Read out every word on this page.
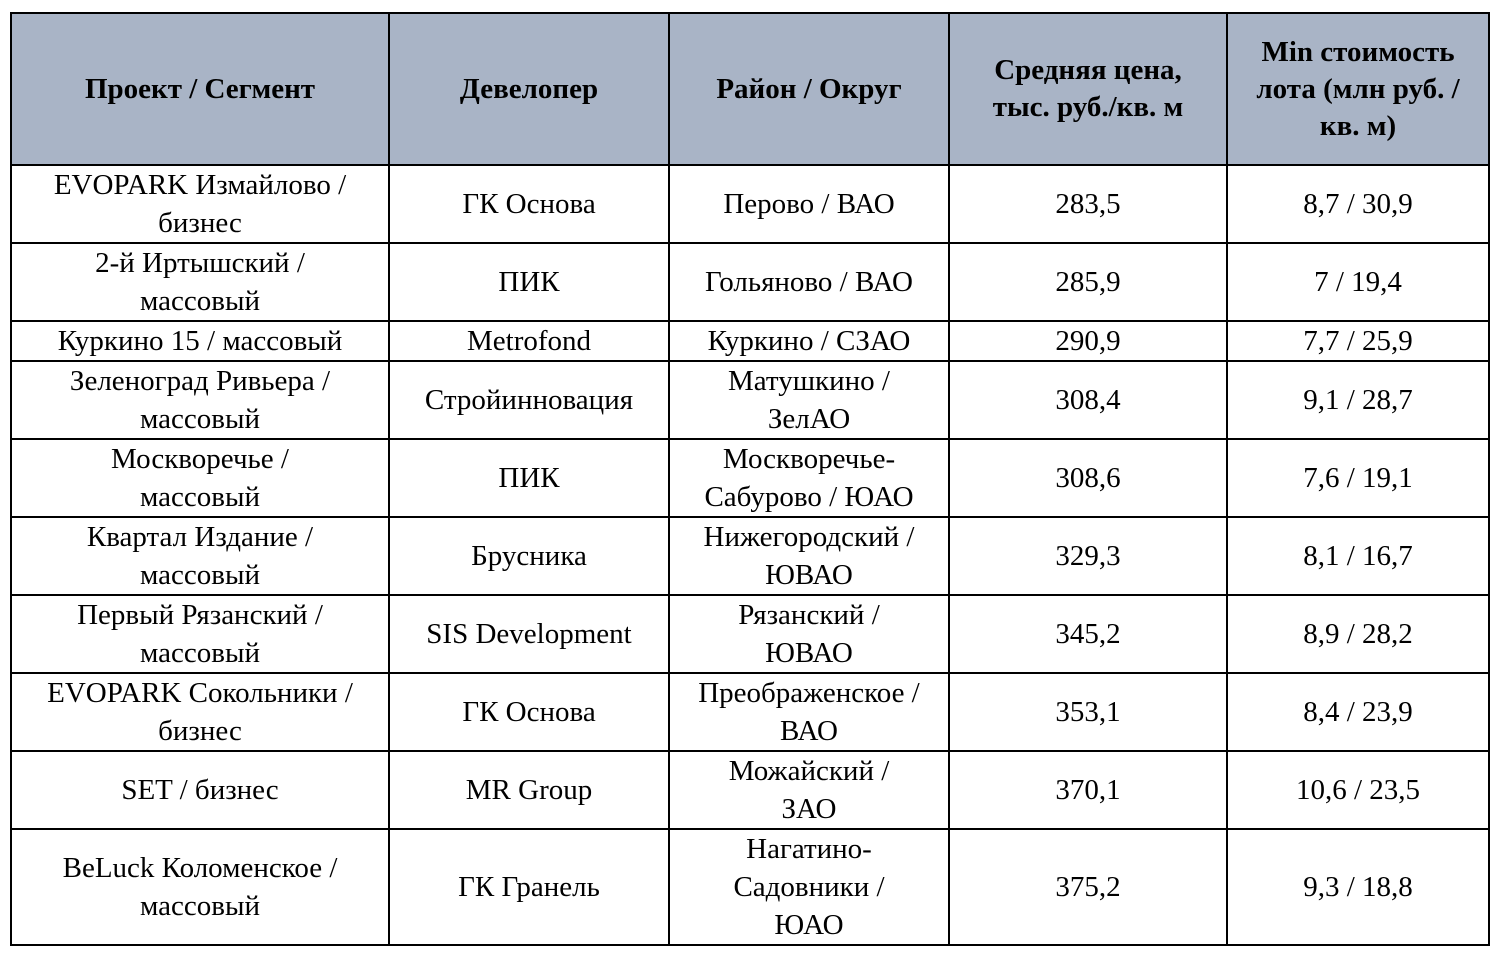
Проект / Сегмент	Девелопер	Район / Округ	Средняя цена, тыс. руб./кв. м	Min стоимость лота (млн руб. / кв. м)
EVOPARK Измайлово / бизнес	ГК Основа	Перово / ВАО	283,5	8,7 / 30,9
2-й Иртышский / массовый	ПИК	Гольяново / ВАО	285,9	7 / 19,4
Куркино 15 / массовый	Metrofond	Куркино / СЗАО	290,9	7,7 / 25,9
Зеленоград Ривьера / массовый	Стройинновация	Матушкино / ЗелАО	308,4	9,1 / 28,7
Москворечье / массовый	ПИК	Москворечье-Сабурово / ЮАО	308,6	7,6 / 19,1
Квартал Издание / массовый	Брусника	Нижегородский / ЮВАО	329,3	8,1 / 16,7
Первый Рязанский / массовый	SIS Development	Рязанский / ЮВАО	345,2	8,9 / 28,2
EVOPARK Сокольники / бизнес	ГК Основа	Преображенское / ВАО	353,1	8,4 / 23,9
SET / бизнес	MR Group	Можайский / ЗАО	370,1	10,6 / 23,5
BeLuck Коломенское / массовый	ГК Гранель	Нагатино-Садовники / ЮАО	375,2	9,3 / 18,8
